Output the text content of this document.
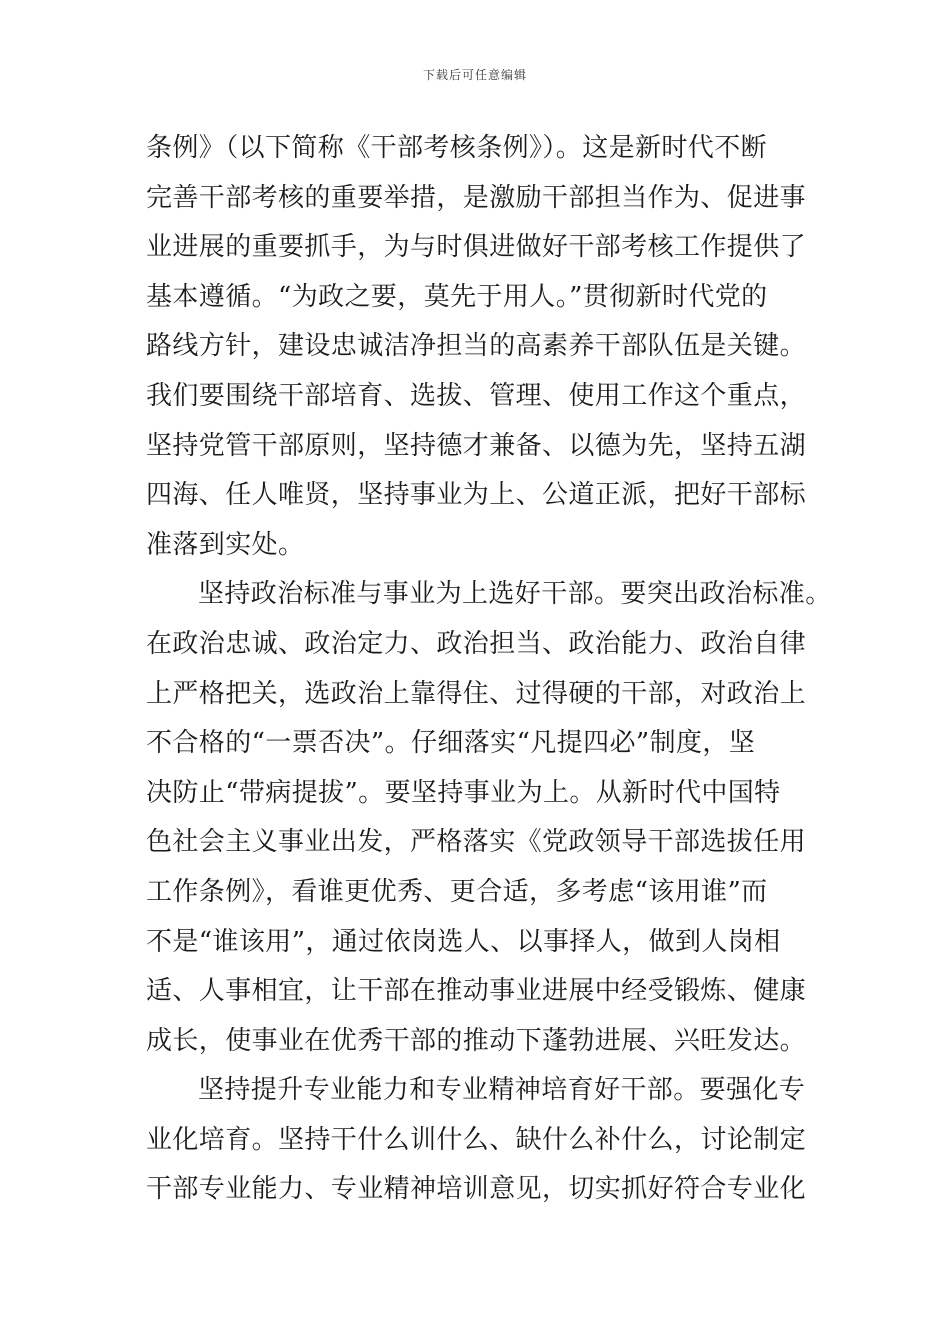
下载后可任意编辑
条例》（以下简称《干部考核条例》）。这是新时代不断
完善干部考核的重要举措，是激励干部担当作为、促进事
业进展的重要抓手，为与时俱进做好干部考核工作提供了
基本遵循。“为政之要，莫先于用人。”贯彻新时代党的
路线方针，建设忠诚洁净担当的高素养干部队伍是关键。
我们要围绕干部培育、选拔、管理、使用工作这个重点，
坚持党管干部原则，坚持德才兼备、以德为先，坚持五湖
四海、任人唯贤，坚持事业为上、公道正派，把好干部标
准落到实处。
坚持政治标准与事业为上选好干部。要突出政治标准。
在政治忠诚、政治定力、政治担当、政治能力、政治自律
上严格把关，选政治上靠得住、过得硬的干部，对政治上
不合格的“一票否决”。仔细落实“凡提四必”制度，坚
决防止“带病提拔”。要坚持事业为上。从新时代中国特
色社会主义事业出发，严格落实《党政领导干部选拔任用
工作条例》，看谁更优秀、更合适，多考虑“该用谁”而
不是“谁该用”，通过依岗选人、以事择人，做到人岗相
适、人事相宜，让干部在推动事业进展中经受锻炼、健康
成长，使事业在优秀干部的推动下蓬勃进展、兴旺发达。
坚持提升专业能力和专业精神培育好干部。要强化专
业化培育。坚持干什么训什么、缺什么补什么，讨论制定
干部专业能力、专业精神培训意见，切实抓好符合专业化
